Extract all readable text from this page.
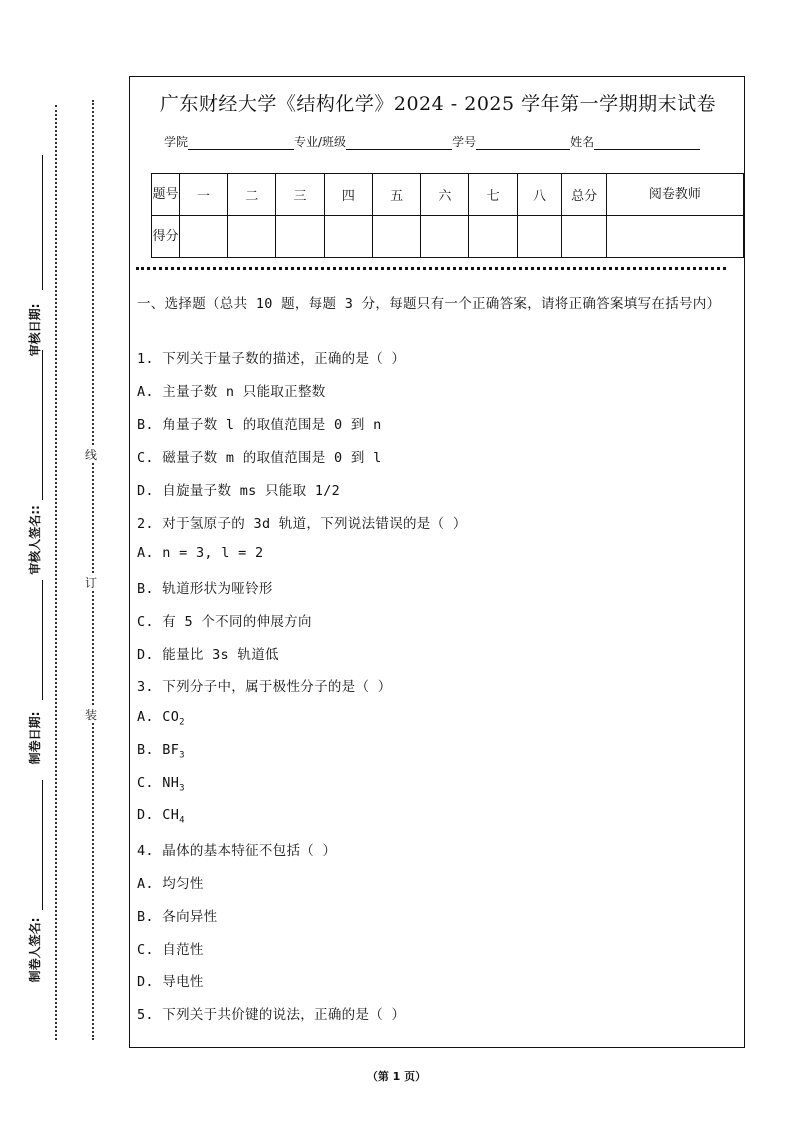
审核日期:
审核人签名::
制卷日期:
制卷人签名:
线
订
装
广东财经大学《结构化学》2024 - 2025 学年第一学期期末试卷
学院	专业/班级	学号	姓名
题号	一	二	三	四	五	六	七	八	总分	阅卷教师
得分										
一、选择题（总共 10 题，每题 3 分，每题只有一个正确答案，请将正确答案填写在括号内）
1. 下列关于量子数的描述，正确的是（ ）
A. 主量子数 n 只能取正整数
B. 角量子数 l 的取值范围是 0 到 n
C. 磁量子数 m 的取值范围是 0 到 l
D. 自旋量子数 ms 只能取 1/2
2. 对于氢原子的 3d 轨道，下列说法错误的是（ ）
A. n = 3, l = 2
B. 轨道形状为哑铃形
C. 有 5 个不同的伸展方向
D. 能量比 3s 轨道低
3. 下列分子中，属于极性分子的是（ ）
A. $CO_2$
B. $BF_3$
C. $NH_3$
D. $CH_4$
4. 晶体的基本特征不包括（ ）
A. 均匀性
B. 各向异性
C. 自范性
D. 导电性
5. 下列关于共价键的说法，正确的是（ ）
（第 1 页）
